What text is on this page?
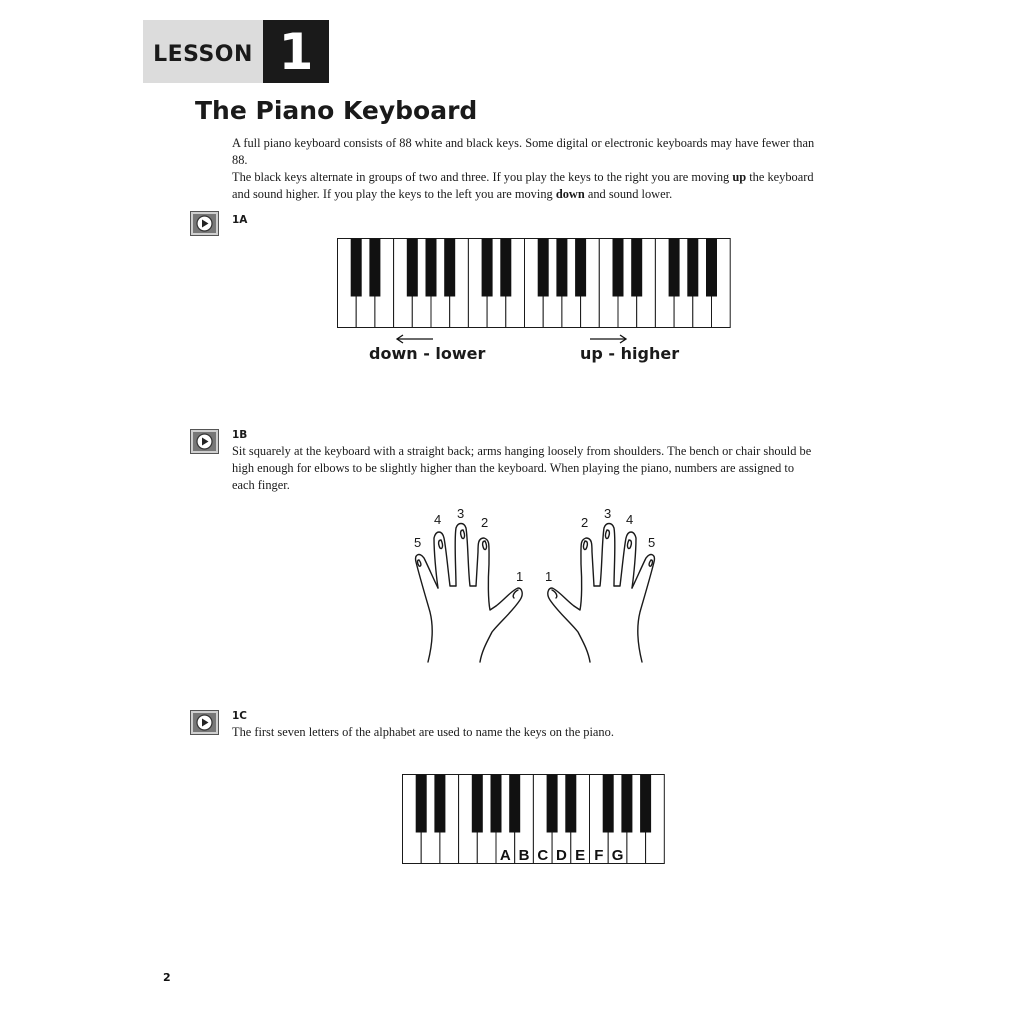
LESSON 1
The Piano Keyboard

A full piano keyboard consists of 88 white and black keys. Some digital or electronic keyboards may have fewer than 88.
The black keys alternate in groups of two and three. If you play the keys to the right you are moving up the keyboard
and sound higher. If you play the keys to the left you are moving down and sound lower.

1A
down - lower	up - higher
1B

Sit squarely at the keyboard with a straight back; arms hanging loosely from shoulders. The bench or chair should be high enough for elbows to be slightly higher than the keyboard. When playing the piano, numbers are assigned to each finger.

5
4 3
2
1 1
2
3 4
5
1C

The first seven letters of the alphabet are used to name the keys on the piano.

A B C D E F G
2
